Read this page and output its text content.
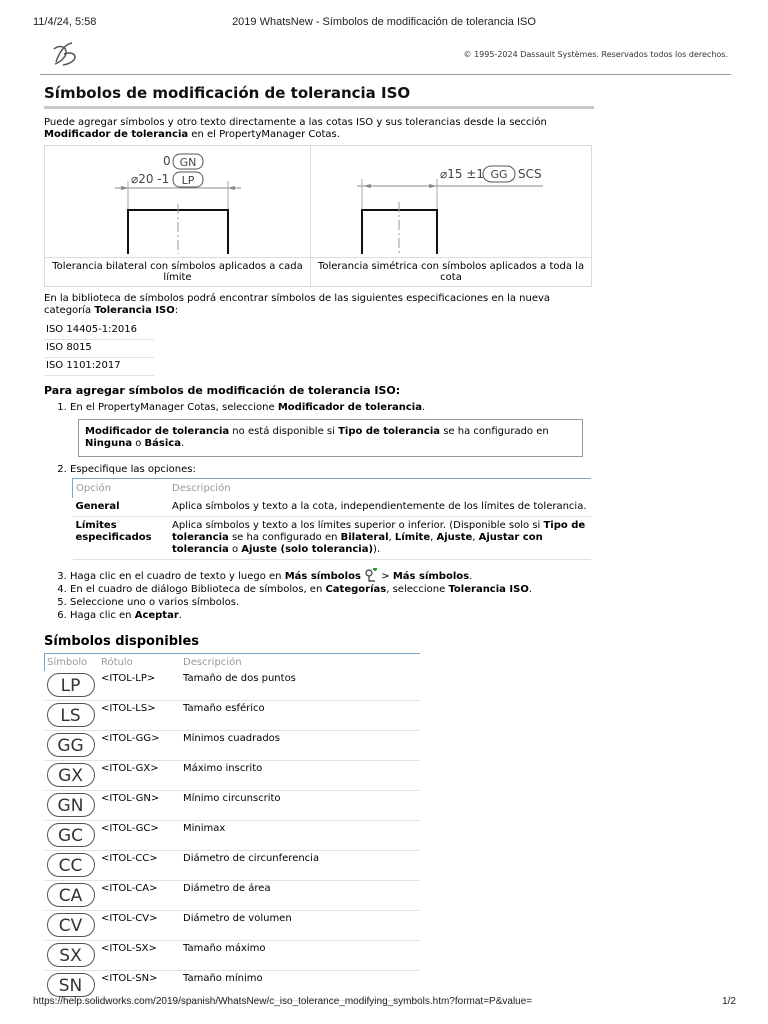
11/4/24, 5:58	2019 WhatsNew - Símbolos de modificación de tolerancia ISO
© 1995-2024 Dassault Systèmes. Reservados todos los derechos.
Símbolos de modificación de tolerancia ISO

Puede agregar símbolos y otro texto directamente a las cotas ISO y sus tolerancias desde la sección Modificador de tolerancia en el PropertyManager Cotas.

0 GN
⌀20 -1 LP	⌀15 ±1 GG SCS

Tolerancia bilateral con símbolos aplicados a cada límite	Tolerancia simétrica con símbolos aplicados a toda la cota

En la biblioteca de símbolos podrá encontrar símbolos de las siguientes especificaciones en la nueva categoría Tolerancia ISO:

ISO 14405-1:2016
ISO 8015
ISO 1101:2017
Para agregar símbolos de modificación de tolerancia ISO:
1. En el PropertyManager Cotas, seleccione Modificador de tolerancia.
Modificador de tolerancia no está disponible si Tipo de tolerancia se ha configurado en Ninguna o Básica.
2. Especifique las opciones:
Opción	Descripción
General	Aplica símbolos y texto a la cota, independientemente de los límites de tolerancia.
Límites especificados	Aplica símbolos y texto a los límites superior o inferior. (Disponible solo si Tipo de tolerancia se ha configurado en Bilateral, Límite, Ajuste, Ajustar con tolerancia o Ajuste (solo tolerancia)).
3. Haga clic en el cuadro de texto y luego en Más símbolos  > Más símbolos.
4. En el cuadro de diálogo Biblioteca de símbolos, en Categorías, seleccione Tolerancia ISO.
5. Seleccione uno o varios símbolos.
6. Haga clic en Aceptar.
Símbolos disponibles
Símbolo	Rótulo	Descripción
LP	<ITOL-LP>	Tamaño de dos puntos
LS	<ITOL-LS>	Tamaño esférico
GG	<ITOL-GG>	Mínimos cuadrados
GX	<ITOL-GX>	Máximo inscrito
GN	<ITOL-GN>	Mínimo circunscrito
GC	<ITOL-GC>	Minimax
CC	<ITOL-CC>	Diámetro de circunferencia
CA	<ITOL-CA>	Diámetro de área
CV	<ITOL-CV>	Diámetro de volumen
SX	<ITOL-SX>	Tamaño máximo
SN	<ITOL-SN>	Tamaño mínimo
https://help.solidworks.com/2019/spanish/WhatsNew/c_iso_tolerance_modifying_symbols.htm?format=P&value=	1/2
